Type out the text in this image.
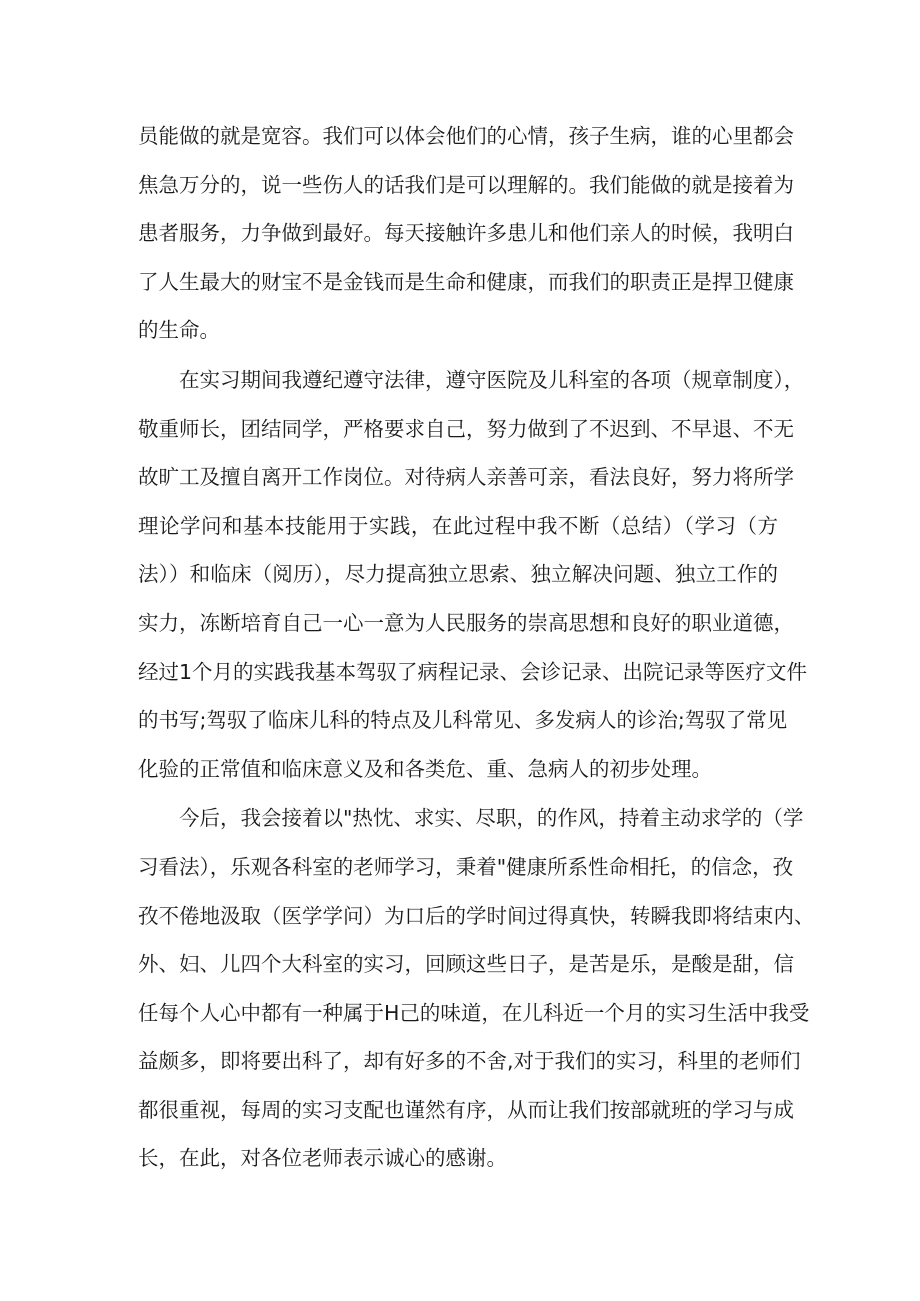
员能做的就是宽容。我们可以体会他们的心情，孩子生病，谁的心里都会
焦急万分的，说一些伤人的话我们是可以理解的。我们能做的就是接着为
患者服务，力争做到最好。每天接触许多患儿和他们亲人的时候，我明白
了人生最大的财宝不是金钱而是生命和健康，而我们的职责正是捍卫健康
的生命。

在实习期间我遵纪遵守法律，遵守医院及儿科室的各项（规章制度），
敬重师长，团结同学，严格要求自己，努力做到了不迟到、不早退、不无
故旷工及擅自离开工作岗位。对待病人亲善可亲，看法良好，努力将所学
理论学问和基本技能用于实践，在此过程中我不断（总结）（学习（方
法））和临床（阅历），尽力提高独立思索、独立解决问题、独立工作的
实力，冻断培育自己一心一意为人民服务的崇高思想和良好的职业道德，
经过1个月的实践我基本驾驭了病程记录、会诊记录、出院记录等医疗文件
的书写;驾驭了临床儿科的特点及儿科常见、多发病人的诊治;驾驭了常见
化验的正常值和临床意义及和各类危、重、急病人的初步处理。

今后，我会接着以"热忱、求实、尽职，的作风，持着主动求学的（学
习看法），乐观各科室的老师学习，秉着"健康所系性命相托，的信念，孜
孜不倦地汲取（医学学问）为口后的学时间过得真快，转瞬我即将结束内、
外、妇、儿四个大科室的实习，回顾这些日子，是苦是乐，是酸是甜，信
任每个人心中都有一种属于H己的味道，在儿科近一个月的实习生活中我受
益颇多，即将要出科了，却有好多的不舍,对于我们的实习，科里的老师们
都很重视，每周的实习支配也谨然有序，从而让我们按部就班的学习与成
长，在此，对各位老师表示诚心的感谢。
